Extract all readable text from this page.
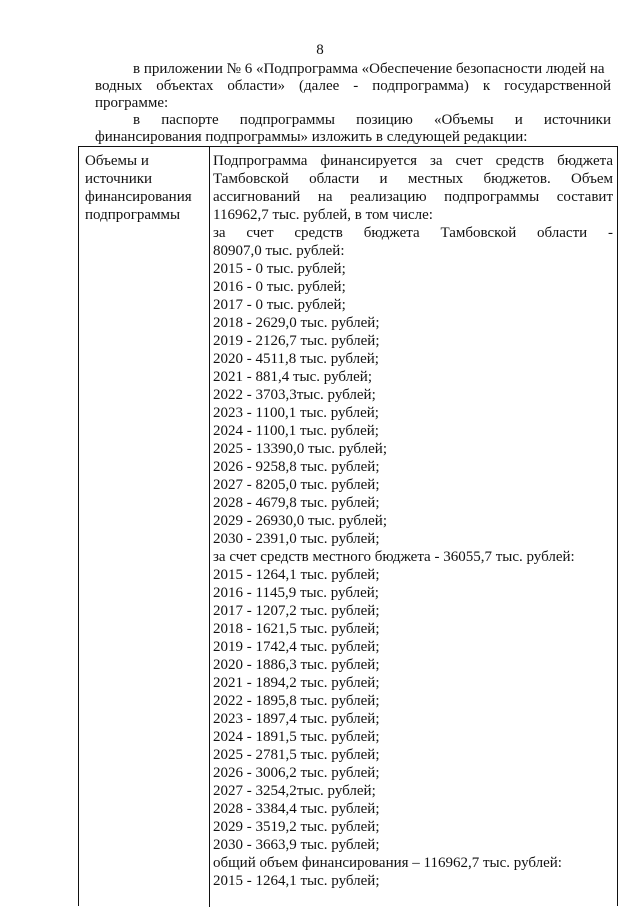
8
в приложении № 6 «Подпрограмма «Обеспечение безопасности людей на
водных объектах области» (далее - подпрограмма) к государственной
программе:
в паспорте подпрограммы позицию «Объемы и источники
финансирования подпрограммы» изложить в следующей редакции:
Объемы и
источники
финансирования
подпрограммы
Подпрограмма финансируется за счет средств бюджета
Тамбовской области и местных бюджетов. Объем
ассигнований на реализацию подпрограммы составит
116962,7 тыс. рублей, в том числе:
за счет средств бюджета Тамбовской области -
80907,0 тыс. рублей:
2015 - 0 тыс. рублей;
2016 - 0 тыс. рублей;
2017 - 0 тыс. рублей;
2018 - 2629,0 тыс. рублей;
2019 - 2126,7 тыс. рублей;
2020 - 4511,8 тыс. рублей;
2021 - 881,4 тыс. рублей;
2022 - 3703,3тыс. рублей;
2023 - 1100,1 тыс. рублей;
2024 - 1100,1 тыс. рублей;
2025 - 13390,0 тыс. рублей;
2026 - 9258,8 тыс. рублей;
2027 - 8205,0 тыс. рублей;
2028 - 4679,8 тыс. рублей;
2029 - 26930,0 тыс. рублей;
2030 - 2391,0 тыс. рублей;
за счет средств местного бюджета - 36055,7 тыс. рублей:
2015 - 1264,1 тыс. рублей;
2016 - 1145,9 тыс. рублей;
2017 - 1207,2 тыс. рублей;
2018 - 1621,5 тыс. рублей;
2019 - 1742,4 тыс. рублей;
2020 - 1886,3 тыс. рублей;
2021 - 1894,2 тыс. рублей;
2022 - 1895,8 тыс. рублей;
2023 - 1897,4 тыс. рублей;
2024 - 1891,5 тыс. рублей;
2025 - 2781,5 тыс. рублей;
2026 - 3006,2 тыс. рублей;
2027 - 3254,2тыс. рублей;
2028 - 3384,4 тыс. рублей;
2029 - 3519,2 тыс. рублей;
2030 - 3663,9 тыс. рублей;
общий объем финансирования – 116962,7 тыс. рублей:
2015 - 1264,1 тыс. рублей;
